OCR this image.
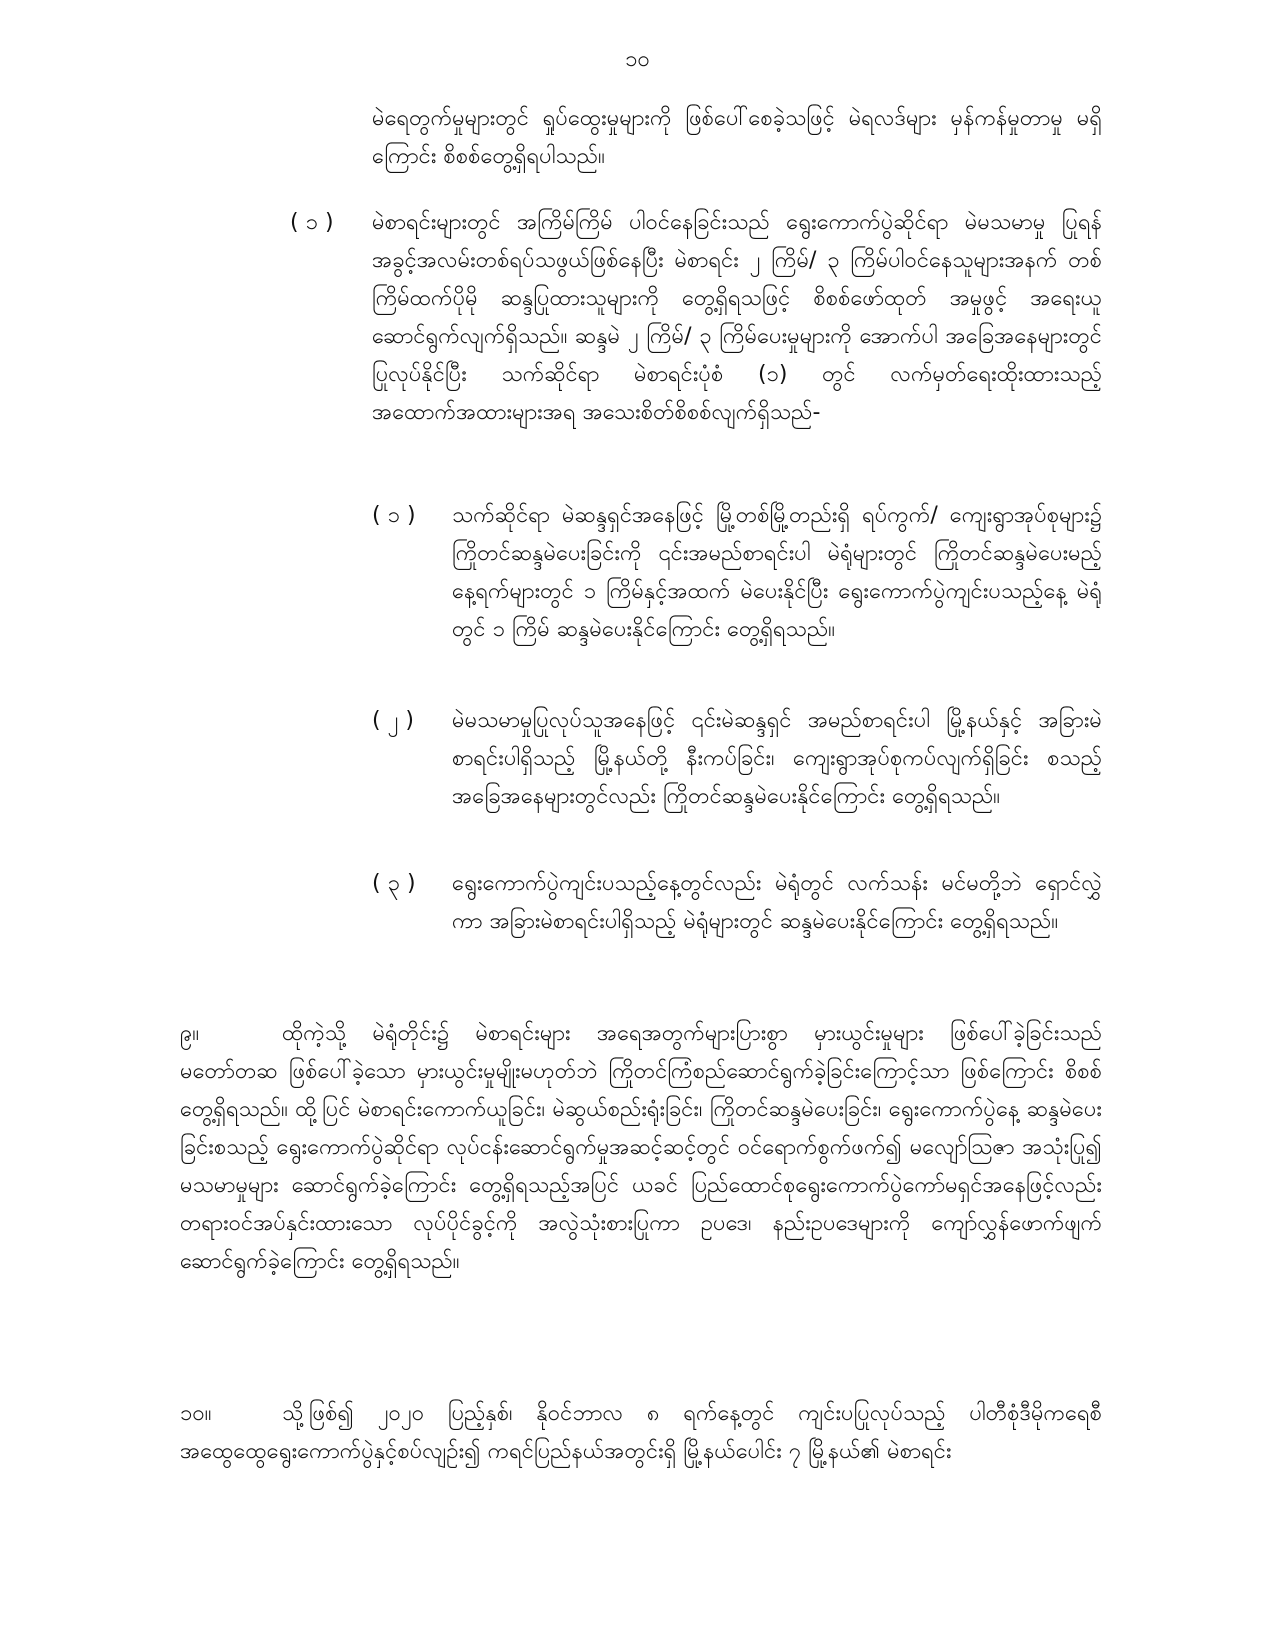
၁၀

မဲရေတွက်မှုများတွင် ရှုပ်ထွေးမှုများကို ဖြစ်ပေါ်စေခဲ့သဖြင့် မဲရလဒ်များ မှန်ကန်မှုတာမှု မရှိကြောင်း စိစစ်တွေ့ရှိရပါသည်။

( ၁ ) မဲစာရင်းများတွင် အကြိမ်ကြိမ် ပါဝင်နေခြင်းသည် ရွေးကောက်ပွဲဆိုင်ရာ မဲမသမာမှု ပြုရန် အခွင့်အလမ်းတစ်ရပ်သဖွယ်ဖြစ်နေပြီး မဲစာရင်း ၂ ကြိမ်/ ၃ ကြိမ်ပါဝင်နေသူများအနက် တစ်ကြိမ်ထက်ပိုမို ဆန္ဒပြုထားသူများကို တွေ့ရှိရသဖြင့် စိစစ်ဖော်ထုတ် အမှုဖွင့် အရေးယူဆောင်ရွက်လျက်ရှိသည်။ ဆန္ဒမဲ ၂ ကြိမ်/ ၃ ကြိမ်ပေးမှုများကို အောက်ပါ အခြေအနေများတွင် ပြုလုပ်နိုင်ပြီး သက်ဆိုင်ရာ မဲစာရင်းပုံစံ (၁) တွင် လက်မှတ်ရေးထိုးထားသည့် အထောက်အထားများအရ အသေးစိတ်စိစစ်လျက်ရှိသည်-

( ၁ ) သက်ဆိုင်ရာ မဲဆန္ဒရှင်အနေဖြင့် မြို့တစ်မြို့တည်းရှိ ရပ်ကွက်/ ကျေးရွာအုပ်စုများ၌ ကြိုတင်ဆန္ဒမဲပေးခြင်းကို ၎င်းအမည်စာရင်းပါ မဲရုံများတွင် ကြိုတင်ဆန္ဒမဲပေးမည့် နေ့ရက်များတွင် ၁ ကြိမ်နှင့်အထက် မဲပေးနိုင်ပြီး ရွေးကောက်ပွဲကျင်းပသည့်နေ့ မဲရုံတွင် ၁ ကြိမ် ဆန္ဒမဲပေးနိုင်ကြောင်း တွေ့ရှိရသည်။

( ၂ ) မဲမသမာမှုပြုလုပ်သူအနေဖြင့် ၎င်းမဲဆန္ဒရှင် အမည်စာရင်းပါ မြို့နယ်နှင့် အခြားမဲစာရင်းပါရှိသည့် မြို့နယ်တို့ နီးကပ်ခြင်း၊ ကျေးရွာအုပ်စုကပ်လျက်ရှိခြင်း စသည့်အခြေအနေများတွင်လည်း ကြိုတင်ဆန္ဒမဲပေးနိုင်ကြောင်း တွေ့ရှိရသည်။

( ၃ ) ရွေးကောက်ပွဲကျင်းပသည့်နေ့တွင်လည်း မဲရုံတွင် လက်သန်း မင်မတို့ဘဲ ရှောင်လွှဲကာ အခြားမဲစာရင်းပါရှိသည့် မဲရုံများတွင် ဆန္ဒမဲပေးနိုင်ကြောင်း တွေ့ရှိရသည်။

၉။	ထိုကဲ့သို့ မဲရုံတိုင်း၌ မဲစာရင်းများ အရေအတွက်များပြားစွာ မှားယွင်းမှုများ ဖြစ်ပေါ်ခဲ့ခြင်းသည် မတော်တဆ ဖြစ်ပေါ်ခဲ့သော မှားယွင်းမှုမျိုးမဟုတ်ဘဲ ကြိုတင်ကြံစည်ဆောင်ရွက်ခဲ့ခြင်းကြောင့်သာ ဖြစ်ကြောင်း စိစစ်တွေ့ရှိရသည်။ ထို့ပြင် မဲစာရင်းကောက်ယူခြင်း၊ မဲဆွယ်စည်းရုံးခြင်း၊ ကြိုတင်ဆန္ဒမဲပေးခြင်း၊ ရွေးကောက်ပွဲနေ့ ဆန္ဒမဲပေးခြင်းစသည့် ရွေးကောက်ပွဲဆိုင်ရာ လုပ်ငန်းဆောင်ရွက်မှုအဆင့်ဆင့်တွင် ဝင်ရောက်စွက်ဖက်၍ မလျော်သြဇာ အသုံးပြု၍ မသမာမှုများ ဆောင်ရွက်ခဲ့ကြောင်း တွေ့ရှိရသည့်အပြင် ယခင် ပြည်ထောင်စုရွေးကောက်ပွဲကော်မရှင်အနေဖြင့်လည်း တရားဝင်အပ်နှင်းထားသော လုပ်ပိုင်ခွင့်ကို အလွဲသုံးစားပြုကာ ဥပဒေ၊ နည်းဥပဒေများကို ကျော်လွှန်ဖောက်ဖျက်ဆောင်ရွက်ခဲ့ကြောင်း တွေ့ရှိရသည်။

၁၀။	သို့ဖြစ်၍ ၂၀၂၀ ပြည့်နှစ်၊ နိုဝင်ဘာလ ၈ ရက်နေ့တွင် ကျင်းပပြုလုပ်သည့် ပါတီစုံဒီမိုကရေစီအထွေထွေရွေးကောက်ပွဲနှင့်စပ်လျဉ်း၍ ကရင်ပြည်နယ်အတွင်းရှိ မြို့နယ်ပေါင်း ၇ မြို့နယ်၏ မဲစာရင်း
